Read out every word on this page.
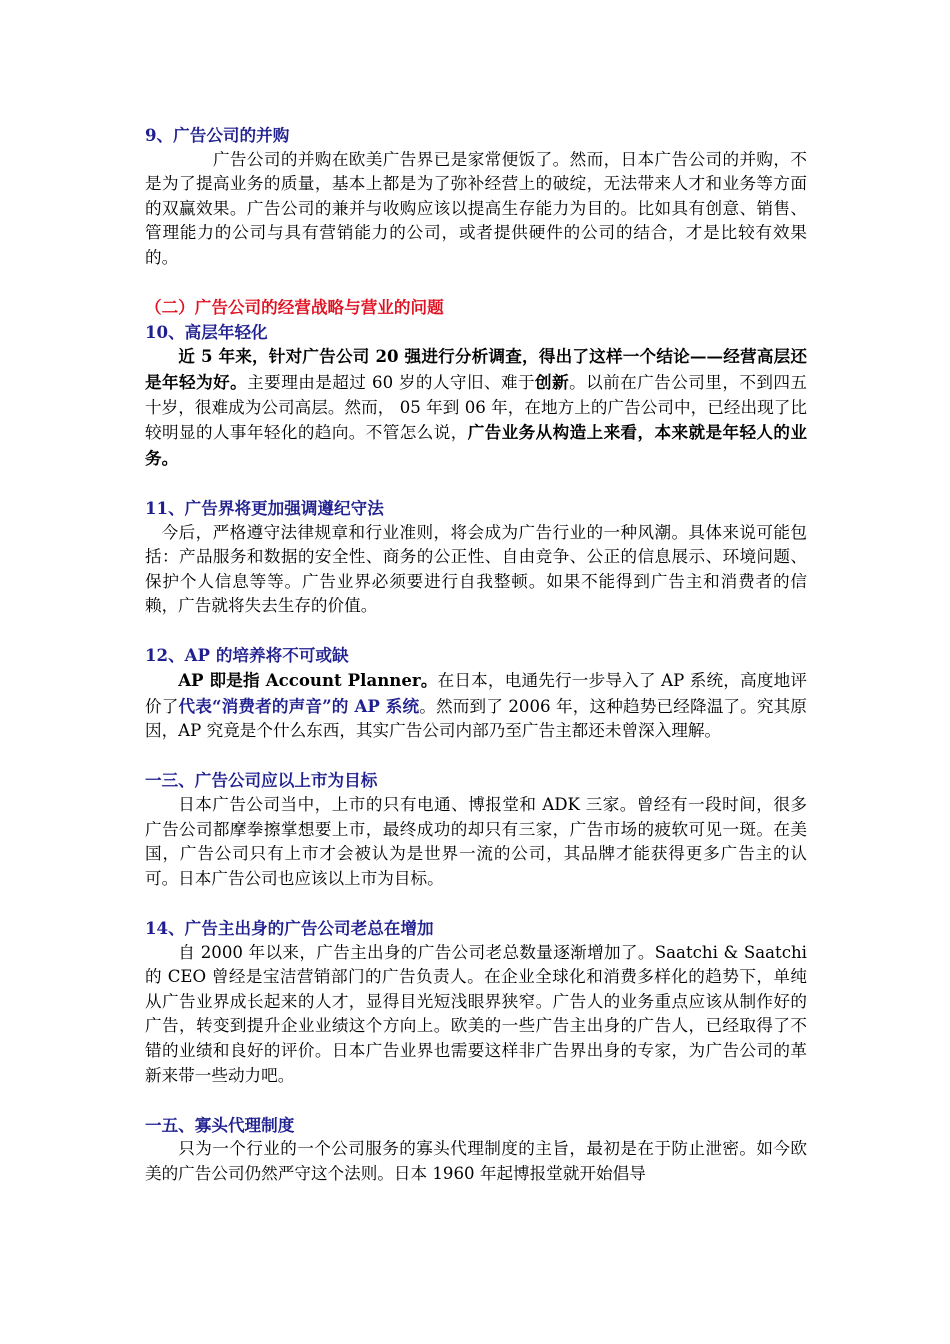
9、广告公司的并购
　　　　广告公司的并购在欧美广告界已是家常便饭了。然而，日本广告公司的并购，不是为了提高业务的质量，基本上都是为了弥补经营上的破绽，无法带来人才和业务等方面的双赢效果。广告公司的兼并与收购应该以提高生存能力为目的。比如具有创意、销售、管理能力的公司与具有营销能力的公司，或者提供硬件的公司的结合，才是比较有效果的。
（二）广告公司的经营战略与营业的问题
10、高层年轻化
近 5 年来，针对广告公司 20 强进行分析调查，得出了这样一个结论——经营高层还是年轻为好。主要理由是超过 60 岁的人守旧、难于创新。以前在广告公司里，不到四五十岁，很难成为公司高层。然而， 05 年到 06 年，在地方上的广告公司中，已经出现了比较明显的人事年轻化的趋向。不管怎么说，广告业务从构造上来看，本来就是年轻人的业务。
11、广告界将更加强调遵纪守法
今后，严格遵守法律规章和行业准则，将会成为广告行业的一种风潮。具体来说可能包括：产品服务和数据的安全性、商务的公正性、自由竞争、公正的信息展示、环境问题、保护个人信息等等。广告业界必须要进行自我整顿。如果不能得到广告主和消费者的信赖，广告就将失去生存的价值。
12、AP 的培养将不可或缺
AP 即是指 Account Planner。在日本，电通先行一步导入了 AP 系统，高度地评价了代表“消费者的声音”的 AP 系统。然而到了 2006 年，这种趋势已经降温了。究其原因，AP 究竟是个什么东西，其实广告公司内部乃至广告主都还未曾深入理解。
一三、广告公司应以上市为目标
日本广告公司当中，上市的只有电通、博报堂和 ADK 三家。曾经有一段时间，很多广告公司都摩拳擦掌想要上市，最终成功的却只有三家，广告市场的疲软可见一斑。在美国，广告公司只有上市才会被认为是世界一流的公司，其品牌才能获得更多广告主的认可。日本广告公司也应该以上市为目标。
14、广告主出身的广告公司老总在增加
自 2000 年以来，广告主出身的广告公司老总数量逐渐增加了。Saatchi & Saatchi 的 CEO 曾经是宝洁营销部门的广告负责人。在企业全球化和消费多样化的趋势下，单纯从广告业界成长起来的人才，显得目光短浅眼界狭窄。广告人的业务重点应该从制作好的广告，转变到提升企业业绩这个方向上。欧美的一些广告主出身的广告人，已经取得了不错的业绩和良好的评价。日本广告业界也需要这样非广告界出身的专家，为广告公司的革新来带一些动力吧。
一五、寡头代理制度
只为一个行业的一个公司服务的寡头代理制度的主旨，最初是在于防止泄密。如今欧美的广告公司仍然严守这个法则。日本 1960 年起博报堂就开始倡导
